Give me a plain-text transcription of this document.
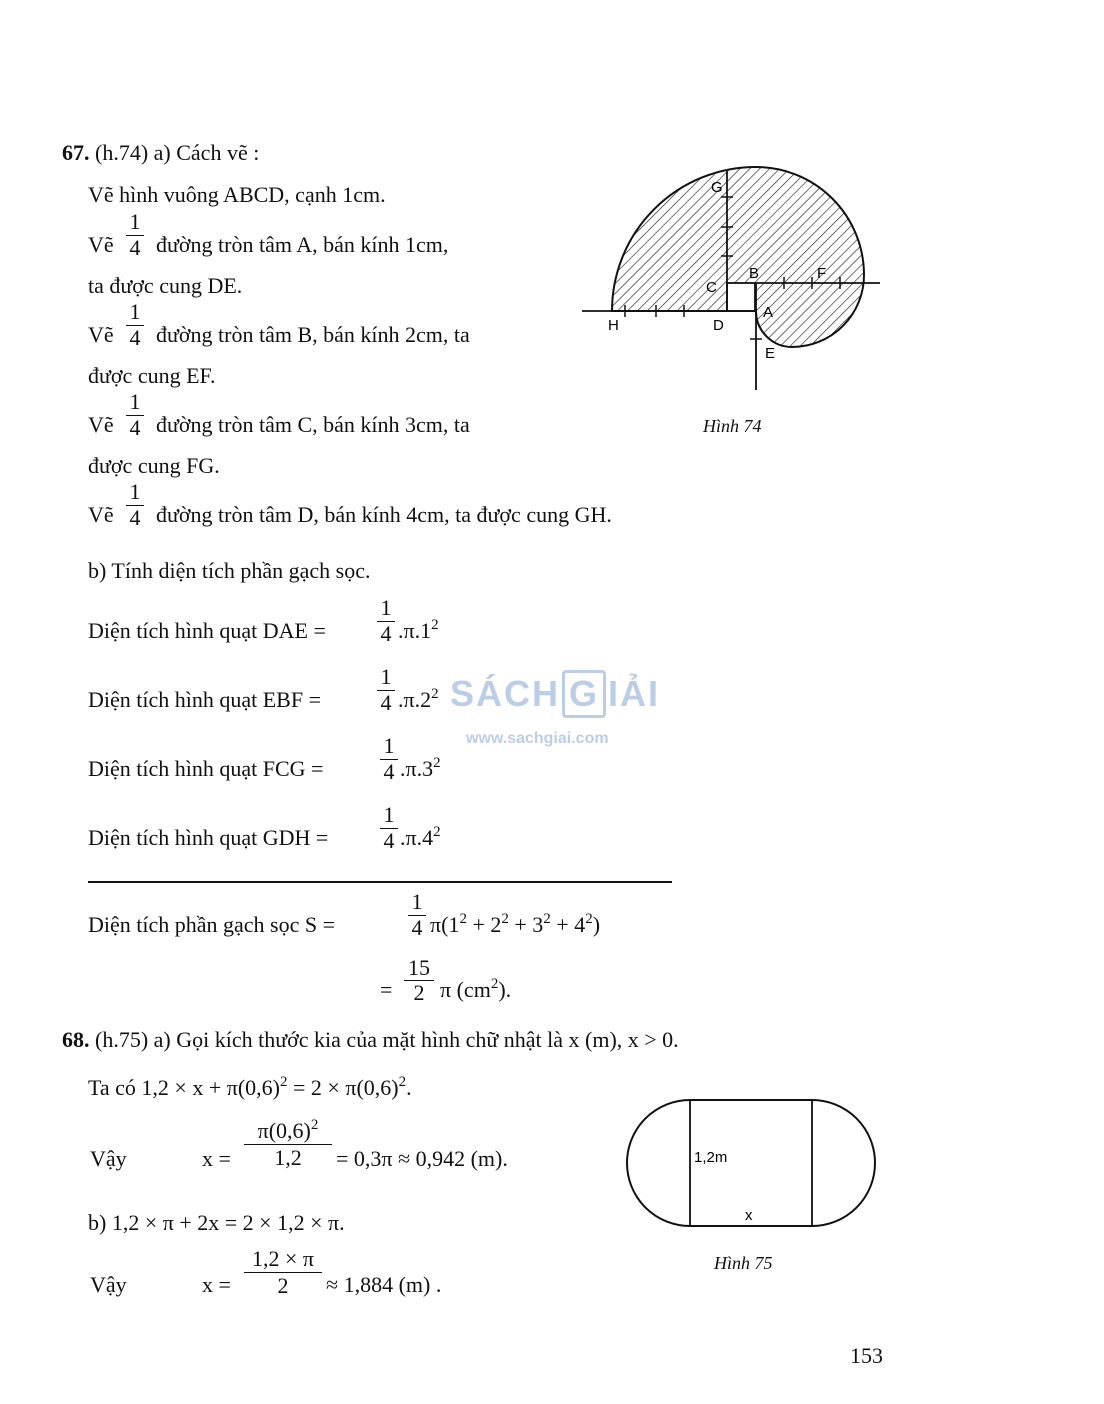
67. (h.74) a) Cách vẽ :
Vẽ hình vuông ABCD, cạnh 1cm.
Vẽ
1
4 đường tròn tâm A, bán kính 1cm,
ta được cung DE.
Vẽ
1
4 đường tròn tâm B, bán kính 2cm, ta
được cung EF.
Vẽ
1
4 đường tròn tâm C, bán kính 3cm, ta
được cung FG.
Vẽ
1
4 đường tròn tâm D, bán kính 4cm, ta được cung GH.
b) Tính diện tích phần gạch sọc.
Diện tích hình quạt DAE =
1
4 $.\pi.1^2$
Diện tích hình quạt EBF =
1
4 $.\pi.2^2$
Diện tích hình quạt FCG =
1
4 $.\pi.3^2$
Diện tích hình quạt GDH =
1
4 $.\pi.4^2$
Diện tích phần gạch sọc S =
1
4 $\pi(1^2 + 2^2 + 3^2 + 4^2)$
=
15
2 π $(cm^2)$.
G
B	F
C
A
H	D
E
Hình 74
SÁCH G IẢI
www.sachgiai.com
68. (h.75) a) Gọi kích thước kia của mặt hình chữ nhật là x (m), x > 0.
Ta có $1,2 \times x + \pi(0,6)^2 = 2 \times \pi(0,6)^2$.
Vậy	x =
$\pi(0,6)^2$
1,2	= 0,3π ≈ 0,942 (m).
b) 1,2 × π + 2x = 2 × 1,2 × π.
Vậy	x =
1,2 × π
2	≈ 1,884 (m) .
1,2m
x
Hình 75
153
